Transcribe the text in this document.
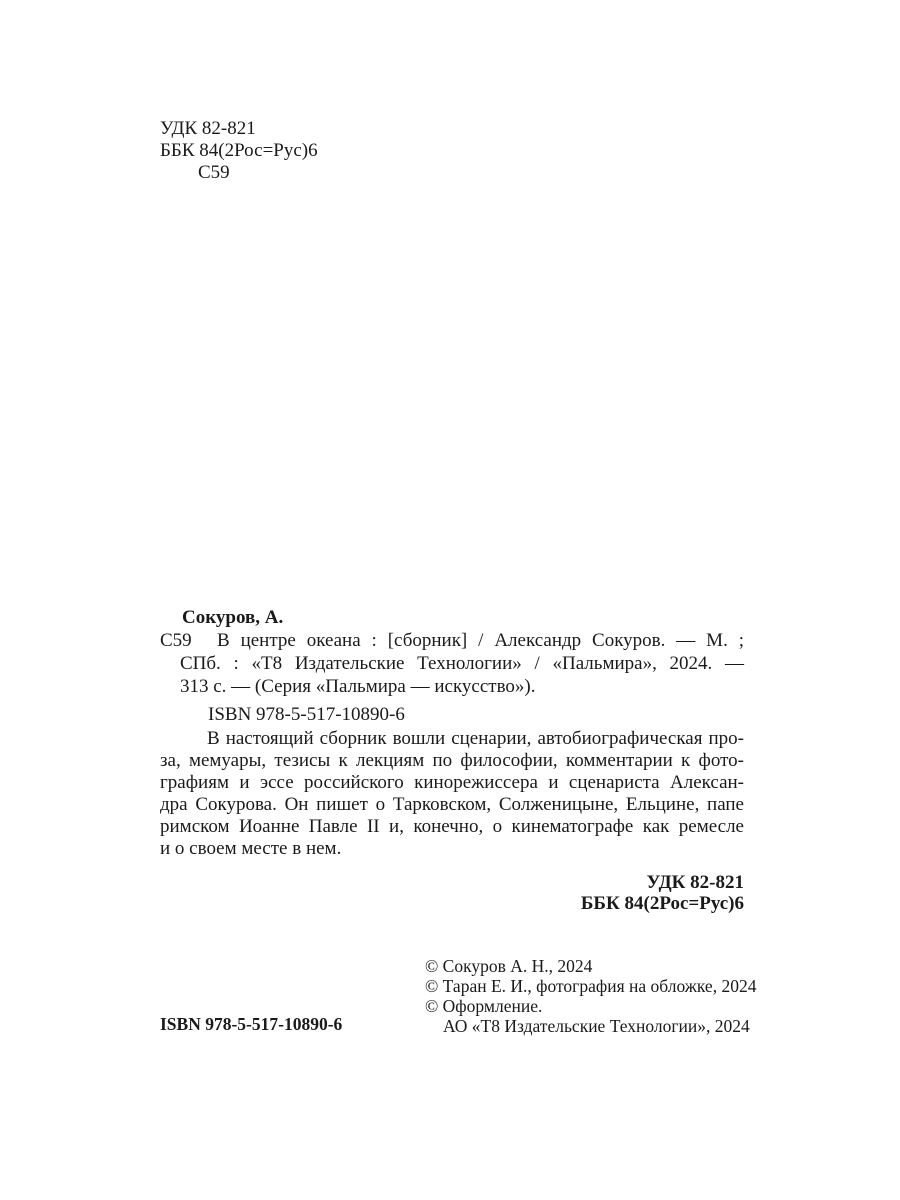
УДК 82-821
ББК 84(2Рос=Рус)6
С59
Сокуров, А.
С59	В центре океана : [сборник] / Александр Сокуров. — М. ;
СПб. : «Т8 Издательские Технологии» / «Пальмира», 2024. —
313 с. — (Серия «Пальмира — искусство»).
ISBN 978-5-517-10890-6
В настоящий сборник вошли сценарии, автобиографическая про-
за, мемуары, тезисы к лекциям по философии, комментарии к фото-
графиям и эссе российского кинорежиссера и сценариста Алексан-
дра Сокурова. Он пишет о Тарковском, Солженицыне, Ельцине, папе
римском Иоанне Павле II и, конечно, о кинематографе как ремесле
и о своем месте в нем.
УДК 82-821
ББК 84(2Рос=Рус)6
ISBN 978-5-517-10890-6
© Сокуров А. Н., 2024
© Таран Е. И., фотография на обложке, 2024
© Оформление.
АО «Т8 Издательские Технологии», 2024
